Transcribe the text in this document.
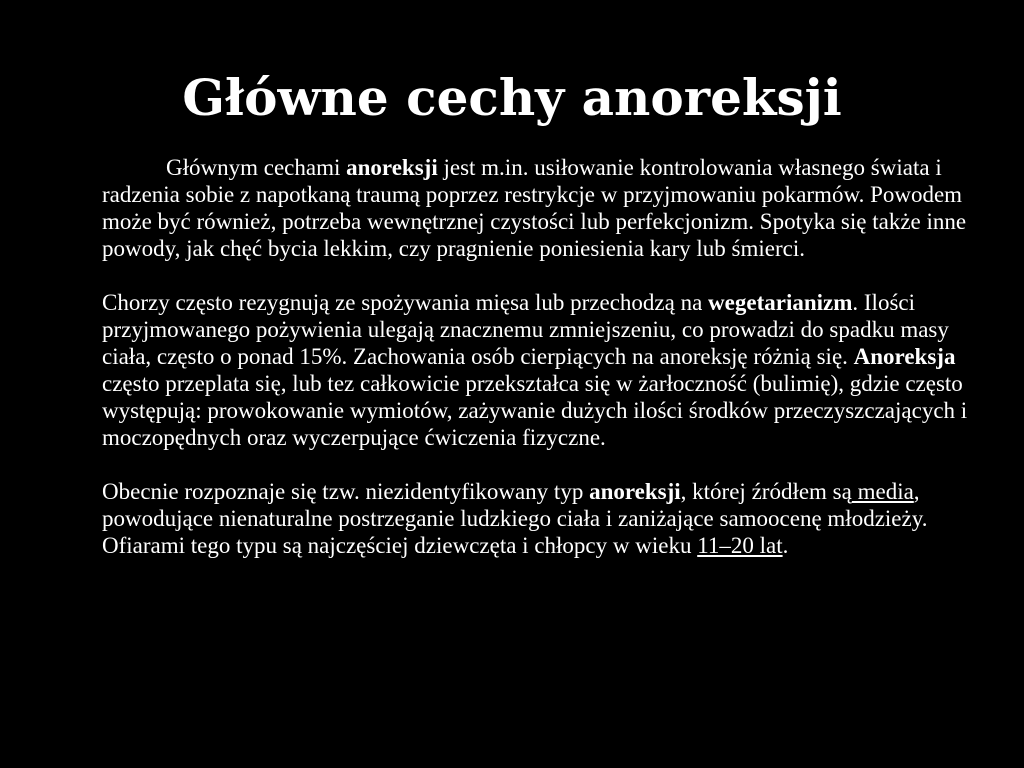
Główne cechy anoreksji

Głównym cechami anoreksji jest m.in. usiłowanie kontrolowania własnego świata i radzenia sobie z napotkaną traumą poprzez restrykcje w przyjmowaniu pokarmów. Powodem może być również, potrzeba wewnętrznej czystości lub perfekcjonizm. Spotyka się także inne powody, jak chęć bycia lekkim, czy pragnienie poniesienia kary lub śmierci.

Chorzy często rezygnują ze spożywania mięsa lub przechodzą na wegetarianizm. Ilości przyjmowanego pożywienia ulegają znacznemu zmniejszeniu, co prowadzi do spadku masy ciała, często o ponad 15%. Zachowania osób cierpiących na anoreksję różnią się. Anoreksja często przeplata się, lub tez całkowicie przekształca się w żarłoczność (bulimię), gdzie często występują: prowokowanie wymiotów, zażywanie dużych ilości środków przeczyszczających i moczopędnych oraz wyczerpujące ćwiczenia fizyczne.

Obecnie rozpoznaje się tzw. niezidentyfikowany typ anoreksji, której źródłem są media, powodujące nienaturalne postrzeganie ludzkiego ciała i zaniżające samoocenę młodzieży. Ofiarami tego typu są najczęściej dziewczęta i chłopcy w wieku 11–20 lat.
